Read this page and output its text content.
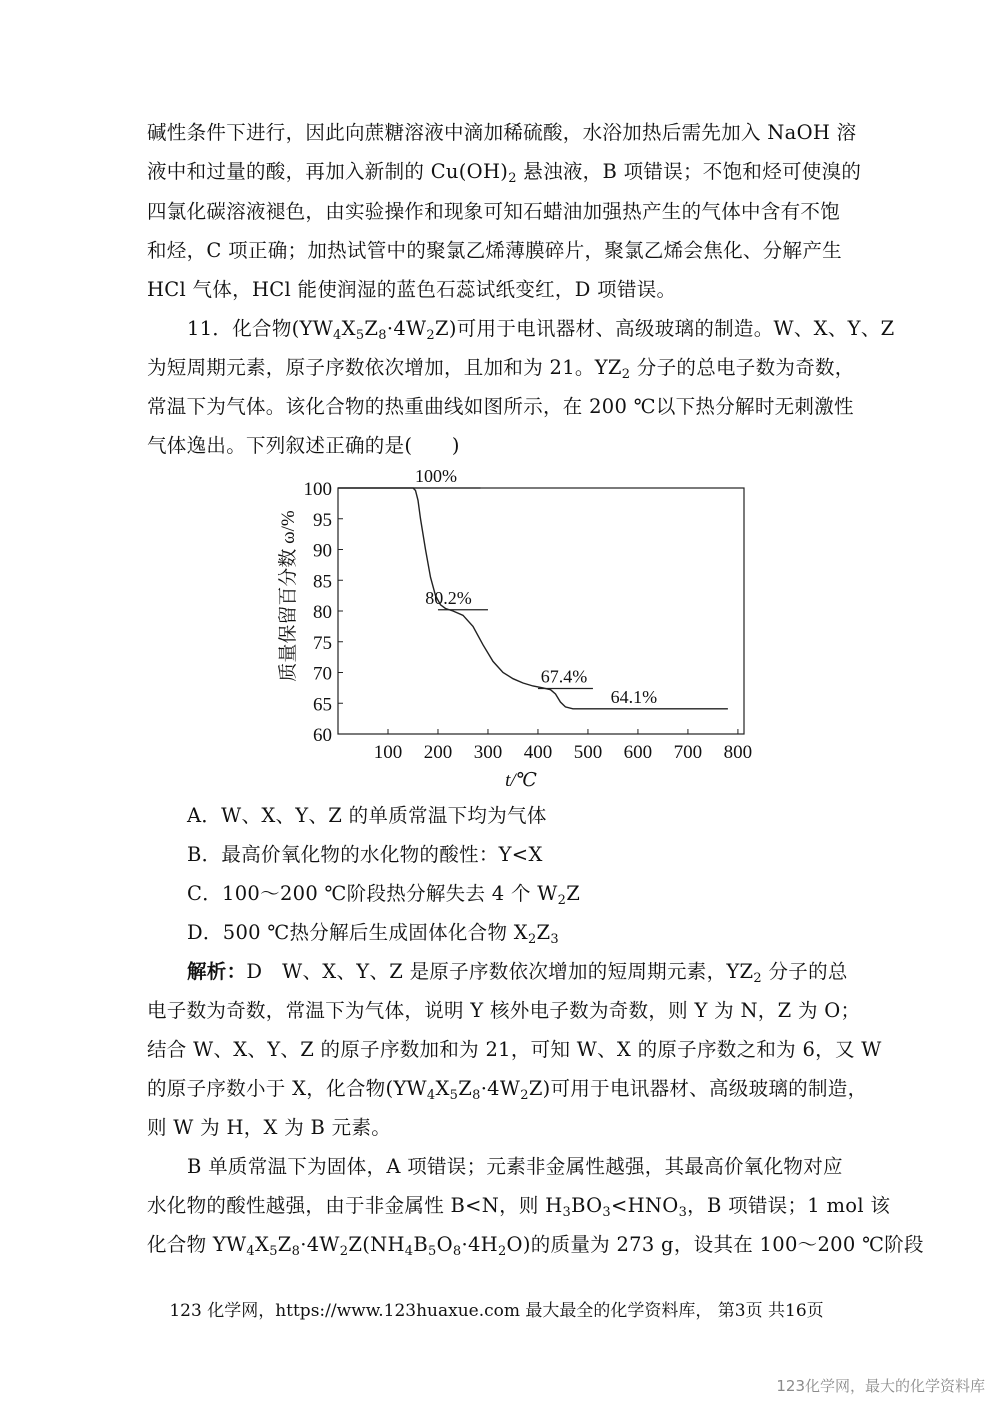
碱性条件下进行，因此向蔗糖溶液中滴加稀硫酸，水浴加热后需先加入 NaOH 溶
液中和过量的酸，再加入新制的 $Cu(OH)_2$ 悬浊液，B 项错误；不饱和烃可使溴的
四氯化碳溶液褪色，由实验操作和现象可知石蜡油加强热产生的气体中含有不饱
和烃，C 项正确；加热试管中的聚氯乙烯薄膜碎片，聚氯乙烯会焦化、分解产生
HCl 气体，HCl 能使润湿的蓝色石蕊试纸变红，D 项错误。
11．化合物$(YW_4X_5Z_8\cdot 4W_2Z)$可用于电讯器材、高级玻璃的制造。W、X、Y、Z
为短周期元素，原子序数依次增加，且加和为 21。$YZ_2$ 分子的总电子数为奇数，
常温下为气体。该化合物的热重曲线如图所示，在 200 ℃以下热分解时无刺激性
气体逸出。下列叙述正确的是(　　)
A．W、X、Y、Z 的单质常温下均为气体
B．最高价氧化物的水化物的酸性：Y<X
C．100～200 ℃阶段热分解失去 4 个 $W_2Z$
D．500 ℃热分解后生成固体化合物 $X_2Z_3$
解析：D　W、X、Y、Z 是原子序数依次增加的短周期元素，$YZ_2$ 分子的总
电子数为奇数，常温下为气体，说明 Y 核外电子数为奇数，则 Y 为 N，Z 为 O；
结合 W、X、Y、Z 的原子序数加和为 21，可知 W、X 的原子序数之和为 6，又 W
的原子序数小于 X，化合物$(YW_4X_5Z_8\cdot 4W_2Z)$可用于电讯器材、高级玻璃的制造，
则 W 为 H，X 为 B 元素。
B 单质常温下为固体，A 项错误；元素非金属性越强，其最高价氧化物对应
水化物的酸性越强，由于非金属性 B<N，则 $H_3BO_3<HNO_3$，B 项错误；1 mol 该
化合物 $YW_4X_5Z_8\cdot 4W_2Z(NH_4B_5O_8\cdot 4H_2O)$的质量为 273 g，设其在 100～200 ℃阶段
60
65
70
75
80
85
90
95
100
100 200 300 400 500 600 700 800
t/℃
质量保留百分数 ω/%
100%
80.2%
67.4%
64.1%
123 化学网，https://www.123huaxue.com 最大最全的化学资料库， 第3页 共16页
123化学网，最大的化学资料库
